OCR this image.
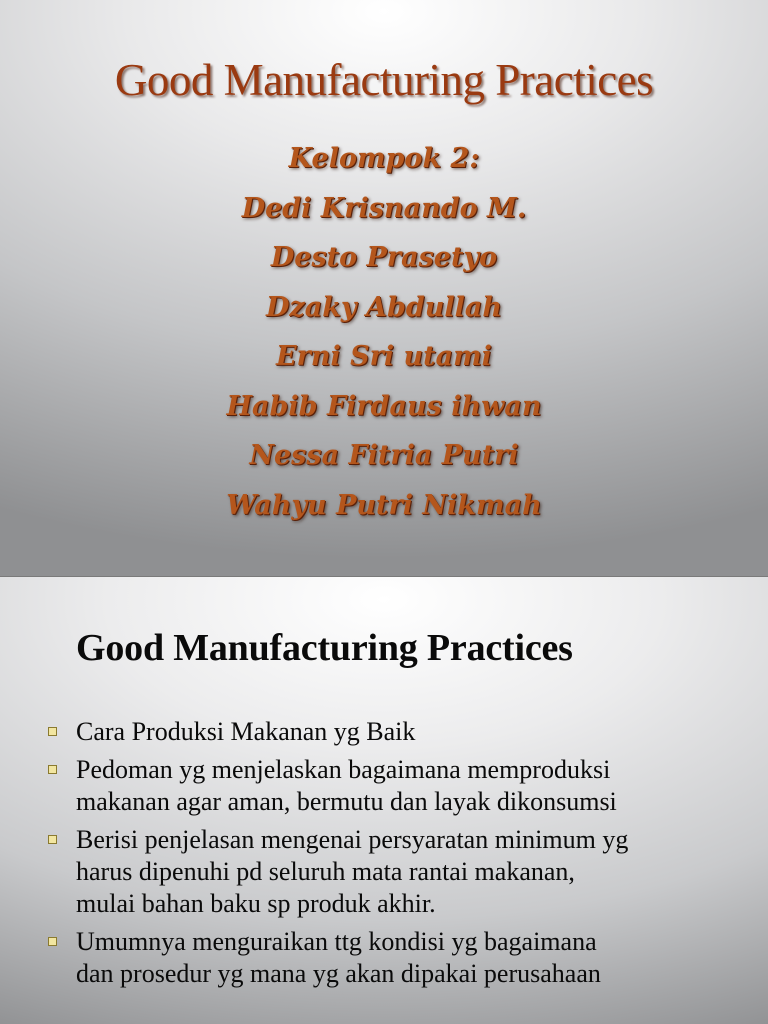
Good Manufacturing Practices
Kelompok 2:
Dedi Krisnando M.
Desto Prasetyo
Dzaky Abdullah
Erni Sri utami
Habib Firdaus ihwan
Nessa Fitria Putri
Wahyu Putri Nikmah
Good Manufacturing Practices
Cara Produksi Makanan yg Baik
Pedoman yg menjelaskan bagaimana memproduksi
makanan agar aman, bermutu dan layak dikonsumsi
Berisi penjelasan mengenai persyaratan minimum yg
harus dipenuhi pd seluruh mata rantai makanan,
mulai bahan baku sp produk akhir.
Umumnya menguraikan ttg kondisi yg bagaimana
dan prosedur yg mana yg akan dipakai perusahaan
